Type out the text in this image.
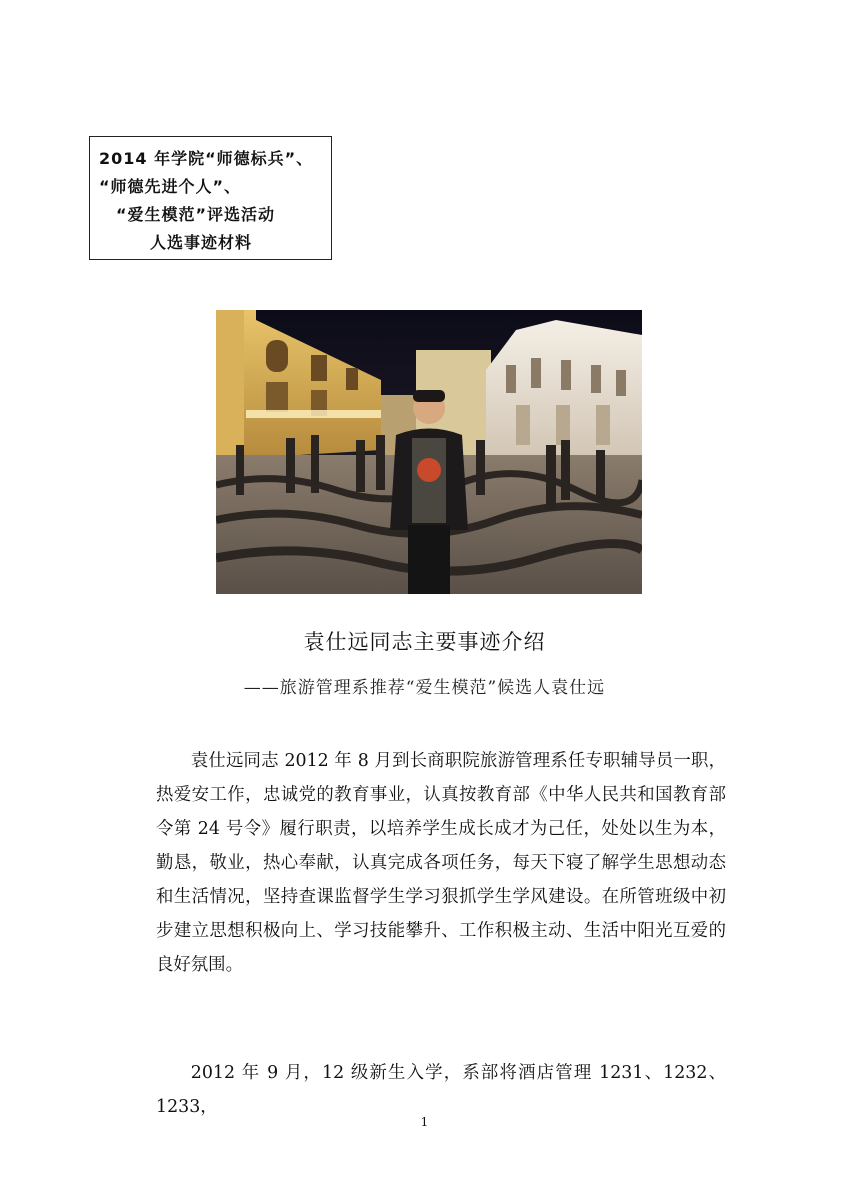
2014 年学院“师德标兵”、
“师德先进个人”、
“爱生模范”评选活动
人选事迹材料
袁仕远同志主要事迹介绍
——旅游管理系推荐“爱生模范”候选人袁仕远

袁仕远同志 2012 年 8 月到长商职院旅游管理系任专职辅导员一职，热爱安工作，忠诚党的教育事业，认真按教育部《中华人民共和国教育部令第 24 号令》履行职责，以培养学生成长成才为己任，处处以生为本，勤恳，敬业，热心奉献，认真完成各项任务，每天下寝了解学生思想动态和生活情况，坚持查课监督学生学习狠抓学生学风建设。在所管班级中初步建立思想积极向上、学习技能攀升、工作积极主动、生活中阳光互爱的良好氛围。

2012 年 9 月，12 级新生入学，系部将酒店管理 1231、1232、1233，

1
